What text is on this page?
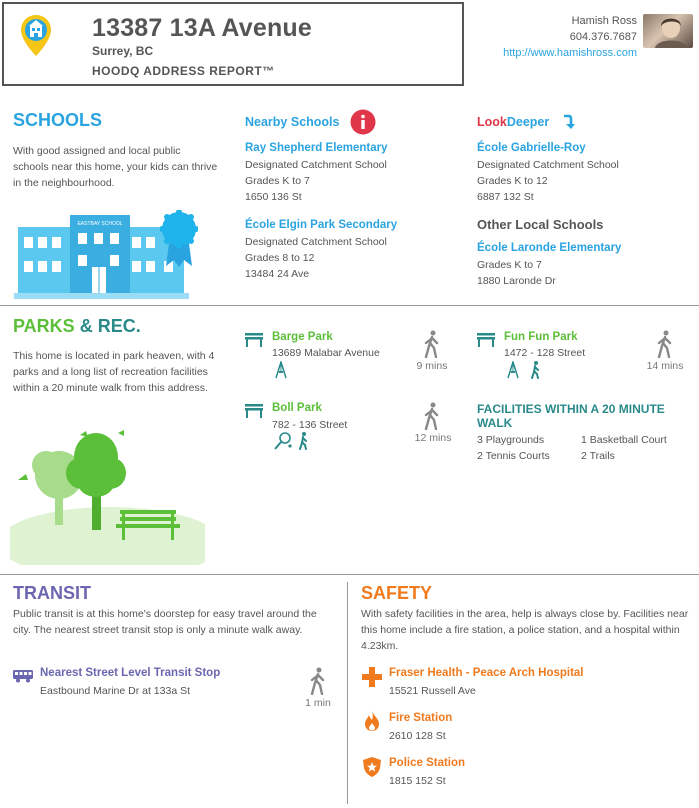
13387 13A Avenue
Surrey, BC
HOODQ ADDRESS REPORT™
Hamish Ross
604.376.7687
http://www.hamishross.com
SCHOOLS
With good assigned and local public schools near this home, your kids can thrive in the neighbourhood.
EASTBAY SCHOOL
Nearby Schools
Ray Shepherd Elementary
Designated Catchment School
Grades K to 7
1650 136 St
École Elgin Park Secondary
Designated Catchment School
Grades 8 to 12
13484 24 Ave
LookDeeper
École Gabrielle-Roy
Designated Catchment School
Grades K to 12
6887 132 St
Other Local Schools
École Laronde Elementary
Grades K to 7
1880 Laronde Dr
PARKS & REC.
This home is located in park heaven, with 4 parks and a long list of recreation facilities within a 20 minute walk from this address.
Barge Park
13689 Malabar Avenue
9 mins
Fun Fun Park
1472 - 128 Street
14 mins
Boll Park
782 - 136 Street
12 mins
FACILITIES WITHIN A 20 MINUTE WALK
3 Playgrounds	1 Basketball Court
2 Tennis Courts	2 Trails
TRANSIT
Public transit is at this home's doorstep for easy travel around the city. The nearest street transit stop is only a minute walk away.
Nearest Street Level Transit Stop
Eastbound Marine Dr at 133a St
1 min
SAFETY
With safety facilities in the area, help is always close by. Facilities near this home include a fire station, a police station, and a hospital within 4.23km.
Fraser Health - Peace Arch Hospital
15521 Russell Ave
Fire Station
2610 128 St
Police Station
1815 152 St
